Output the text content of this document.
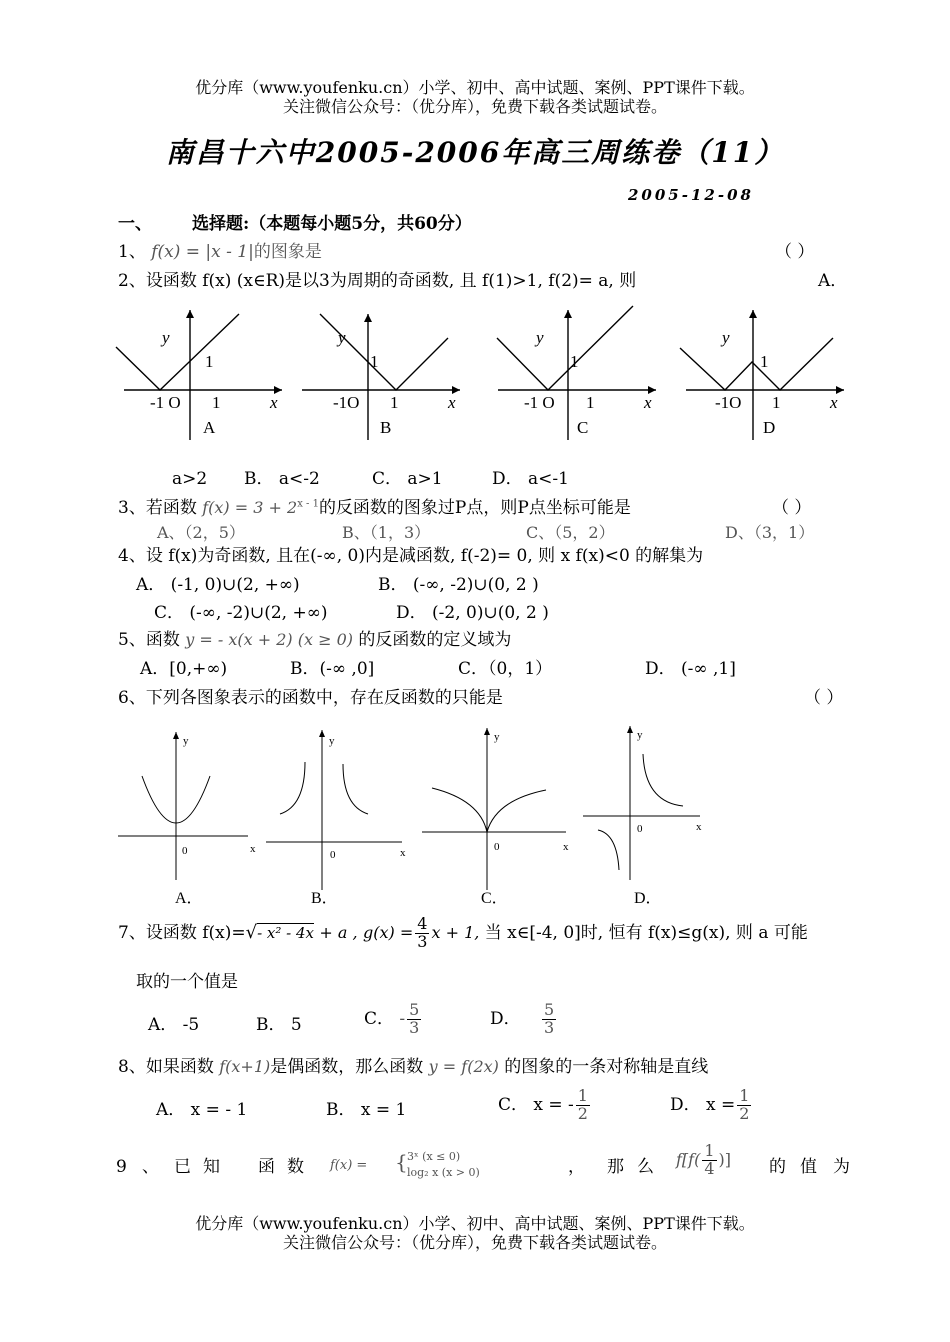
优分库（www.youfenku.cn）小学、初中、高中试题、案例、PPT课件下载。
关注微信公众号：（优分库），免费下载各类试题试卷。
南昌十六中2005-2006年高三周练卷（11）
2005-12-08
一、 选择题:（本题每小题5分，共60分）
1、 f(x) = |x - 1|的图象是	（ ）
2、设函数 f(x) (x∈R)是以3为周期的奇函数, 且 f(1)>1, f(2)= a, 则	A．
y
1
-1 O 1	x
A
y
1
-1O 1	x
B
y
1
-1 O 1	x
C
y
1
-1O 1	x
D
a>2 B． a<-2	C． a>1	D． a<-1
3、若函数 $f(x) = 3 + 2^{x - 1}$的反函数的图象过P点，则P点坐标可能是	（ ）
A、（2，5）	B、（1，3）	C、（5，2）	D、（3，1）
4、设 f(x)为奇函数, 且在(-∞, 0)内是减函数, f(-2)= 0, 则 x f(x)<0 的解集为
A． (-1, 0)∪(2, +∞)	B． (-∞, -2)∪(0, 2 )
C． (-∞, -2)∪(2, +∞)	D． (-2, 0)∪(0, 2 )
5、函数 y = - x(x + 2) (x ≥ 0) 的反函数的定义域为
A．[0,+∞)	B．(-∞ ,0]	C．（0，1）	D． (-∞ ,1]
6、下列各图象表示的函数中，存在反函数的只能是	（ ）
y
x
0
y
x
0
y
x
0
y
x
0
A．	B．	C．	D．
7、设函数 f(x)=√- x² - 4x + a , $g(x) = \frac{4}{3}$ x + 1, 当 x∈[-4, 0]时, 恒有 f(x)≤g(x), 则 a 可能
取的一个值是
A． -5	B． 5	C． - $\frac{5}{3}$	D． $\frac{5}{3}$
8、如果函数 f(x+1)是偶函数，那么函数 y = f(2x) 的图象的一条对称轴是直线
A． x = - 1	B． x = 1	C． x = - $\frac{1}{2}$	D． $x = \frac{1}{2}$
9 、 已 知 函 数 f(x) = { 3ˣ (x ≤ 0)
log₂ x (x > 0)	， 那 么 $f[f( \frac{1}{4}$ )] 的 值 为
优分库（www.youfenku.cn）小学、初中、高中试题、案例、PPT课件下载。
关注微信公众号：（优分库），免费下载各类试题试卷。
